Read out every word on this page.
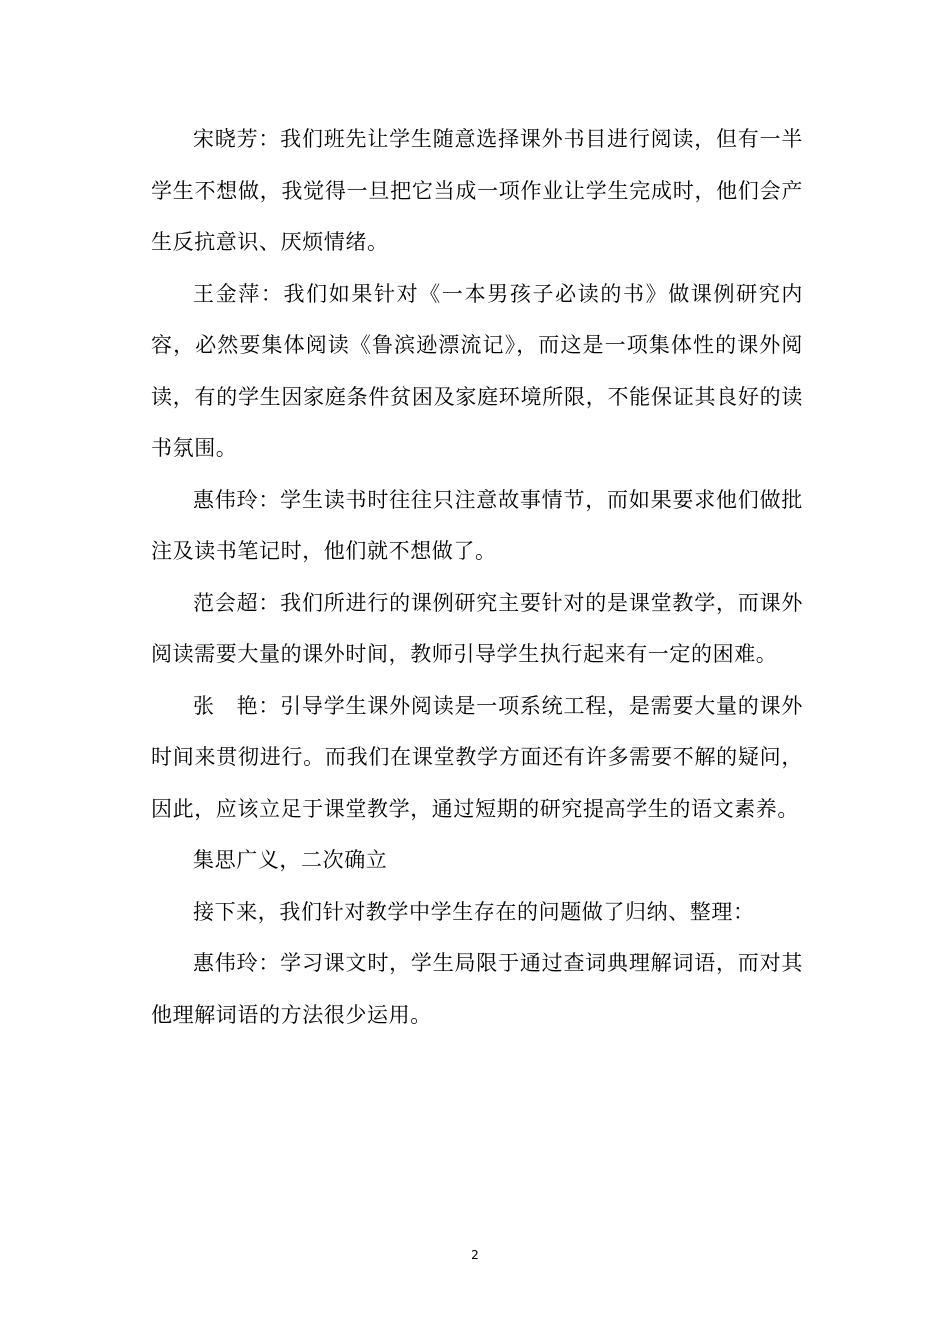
宋晓芳：我们班先让学生随意选择课外书目进行阅读，但有一半学生不想做，我觉得一旦把它当成一项作业让学生完成时，他们会产生反抗意识、厌烦情绪。

王金萍：我们如果针对《一本男孩子必读的书》做课例研究内容，必然要集体阅读《鲁滨逊漂流记》，而这是一项集体性的课外阅读，有的学生因家庭条件贫困及家庭环境所限，不能保证其良好的读书氛围。

惠伟玲：学生读书时往往只注意故事情节，而如果要求他们做批注及读书笔记时，他们就不想做了。

范会超：我们所进行的课例研究主要针对的是课堂教学，而课外阅读需要大量的课外时间，教师引导学生执行起来有一定的困难。

张　艳：引导学生课外阅读是一项系统工程，是需要大量的课外时间来贯彻进行。而我们在课堂教学方面还有许多需要不解的疑问，因此，应该立足于课堂教学，通过短期的研究提高学生的语文素养。

集思广义，二次确立

接下来，我们针对教学中学生存在的问题做了归纳、整理：

惠伟玲：学习课文时，学生局限于通过查词典理解词语，而对其他理解词语的方法很少运用。

2
